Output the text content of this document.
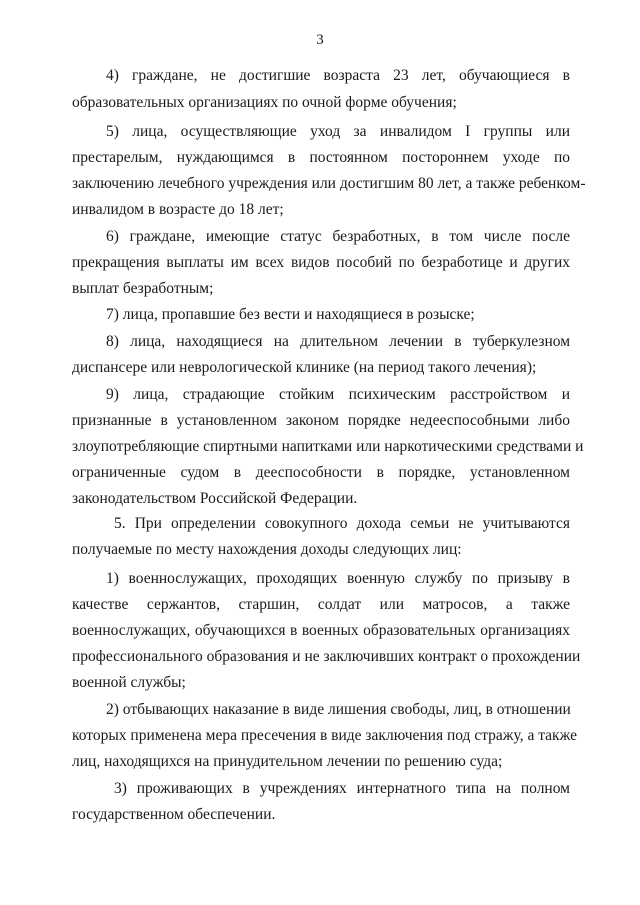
3
4) граждане, не достигшие возраста 23 лет, обучающиеся в
образовательных организациях по очной форме обучения;
5) лица, осуществляющие уход за инвалидом I группы или
престарелым, нуждающимся в постоянном постороннем уходе по
заключению лечебного учреждения или достигшим 80 лет, а также ребенком-
инвалидом в возрасте до 18 лет;
6) граждане, имеющие статус безработных, в том числе после
прекращения выплаты им всех видов пособий по безработице и других
выплат безработным;
7) лица, пропавшие без вести и находящиеся в розыске;
8) лица, находящиеся на длительном лечении в туберкулезном
диспансере или неврологической клинике (на период такого лечения);
9) лица, страдающие стойким психическим расстройством и
признанные в установленном законом порядке недееспособными либо
злоупотребляющие спиртными напитками или наркотическими средствами и
ограниченные судом в дееспособности в порядке, установленном
законодательством Российской Федерации.
5. При определении совокупного дохода семьи не учитываются
получаемые по месту нахождения доходы следующих лиц:
1) военнослужащих, проходящих военную службу по призыву в
качестве сержантов, старшин, солдат или матросов, а также
военнослужащих, обучающихся в военных образовательных организациях
профессионального образования и не заключивших контракт о прохождении
военной службы;
2) отбывающих наказание в виде лишения свободы, лиц, в отношении
которых применена мера пресечения в виде заключения под стражу, а также
лиц, находящихся на принудительном лечении по решению суда;
3) проживающих в учреждениях интернатного типа на полном
государственном обеспечении.
